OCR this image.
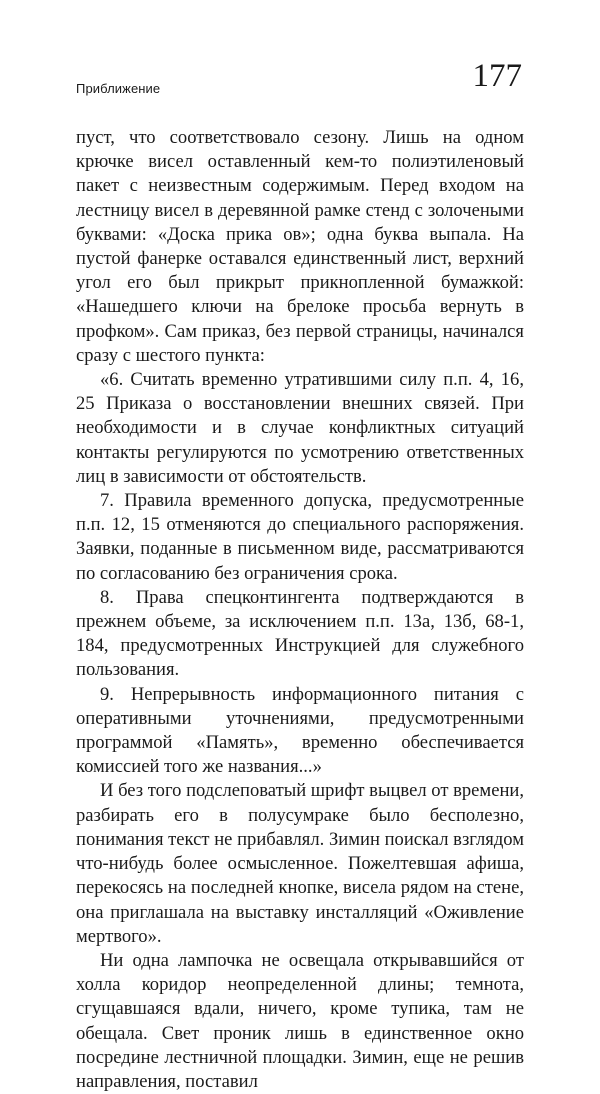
Приближение	177

пуст, что соответствовало сезону. Лишь на одном крючке висел оставленный кем-то полиэтиленовый пакет с неизвестным содержимым. Перед входом на лестницу висел в деревянной рамке стенд с золочеными буквами: «Доска прика ов»; одна буква выпала. На пустой фанерке оставался единственный лист, верхний угол его был прикрыт прикнопленной бумажкой: «Нашедшего ключи на брелоке просьба вернуть в профком». Сам приказ, без первой страницы, начинался сразу с шестого пункта:

«6. Считать временно утратившими силу п.п. 4, 16, 25 Приказа о восстановлении внешних связей. При необходимости и в случае конфликтных ситуаций контакты регулируются по усмотрению ответственных лиц в зависимости от обстоятельств.

7. Правила временного допуска, предусмотренные п.п. 12, 15 отменяются до специального распоряжения. Заявки, поданные в письменном виде, рассматриваются по согласованию без ограничения срока.

8. Права спецконтингента подтверждаются в прежнем объеме, за исключением п.п. 13а, 13б, 68-1, 184, предусмотренных Инструкцией для служебного пользования.

9. Непрерывность информационного питания с оперативными уточнениями, предусмотренными программой «Память», временно обеспечивается комиссией того же названия...»

И без того подслеповатый шрифт выцвел от времени, разбирать его в полусумраке было бесполезно, понимания текст не прибавлял. Зимин поискал взглядом что-нибудь более осмысленное. Пожелтевшая афиша, перекосясь на последней кнопке, висела рядом на стене, она приглашала на выставку инсталляций «Оживление мертвого».

Ни одна лампочка не освещала открывавшийся от холла коридор неопределенной длины; темнота, сгущавшаяся вдали, ничего, кроме тупика, там не обещала. Свет проник лишь в единственное окно посредине лестничной площадки. Зимин, еще не решив направления, поставил
